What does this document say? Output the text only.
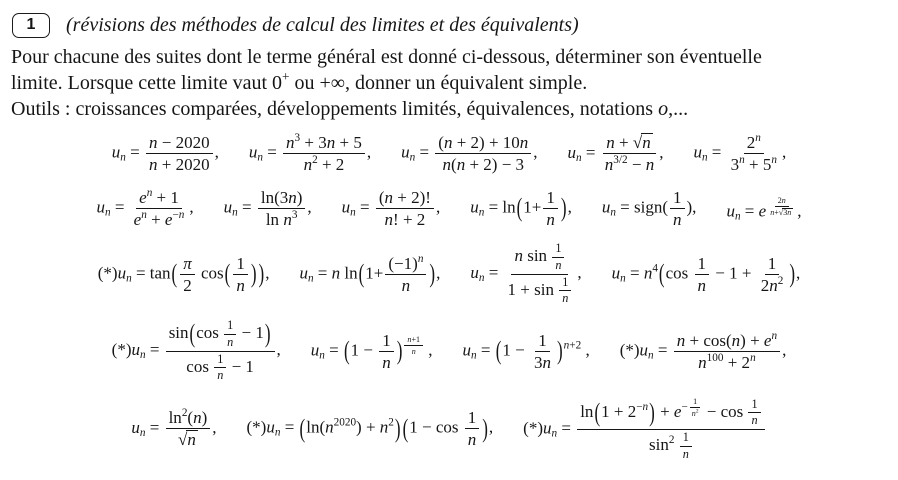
1	(révisions des méthodes de calcul des limites et des équivalents)
Pour chacune des suites dont le terme général est donné ci-dessous, déterminer son éventuelle
limite. Lorsque cette limite vaut 0+ ou +∞, donner un équivalent simple.
Outils : croissances comparées, développements limités, équivalences, notations o,...
un = $\frac{n - 2020}{n + 2020}$ , un = $\frac{n^3 + 3n + 5}{n^2 + 2}$ , un = $\frac{(n + 2) + 10n}{n(n + 2) - 3}$ , un = $\frac{n + √n}{n^{3/2} - n}$ , un = $\frac{2^n}{3^n + 5^n}$ ,
un = $\frac{e^n + 1}{e^n + e^{-n}}$ , un = $\frac{\ln(3n)}{\ln n^3}$ , un = $\frac{(n + 2)!}{n! + 2}$ , un = $\ln(1+ \frac{1}{n}$ ), un = sign( $\frac{1}{n}$ ), un = e $^{\frac{2n}{n+√3n}}$ ,
$(*)un = \tan( \frac{\pi}{2} \cos( \frac{1}{n}$ ) ), un = n $\ln(1+ \frac{(-1)^n}{n}$ ), un = $\frac{n \sin \frac{1}{n}}{1 + \sin \frac{1}{n}}$ , un = $n^4(\cos \frac{1}{n} - 1 + \frac{1}{2n^2}$ ),
$(*)un = \frac{\sin(\cos \frac{1}{n} - 1)}{\cos \frac{1}{n} - 1}$ , un = ($1 - \frac{1}{n}$ ) $^{\frac{n+1}{n}}$ , un = $(1 - \frac{1}{3n} )^{n+2}$ , $(*)un = \frac{n + \cos(n) + e^n}{n^{100} + 2^n}$ ,
un = $\frac{\ln^2(n)}{√n}$ , $(*)un = (\ln(n^{2020}) + n^2) (1 - \cos \frac{1}{n}$ ), $(*)un = \ln(1 + 2^{-n}) + e^{- \frac{1}{n^2}} - \cos \frac{1}{n}$
$\sin^2 \frac{1}{n}$
